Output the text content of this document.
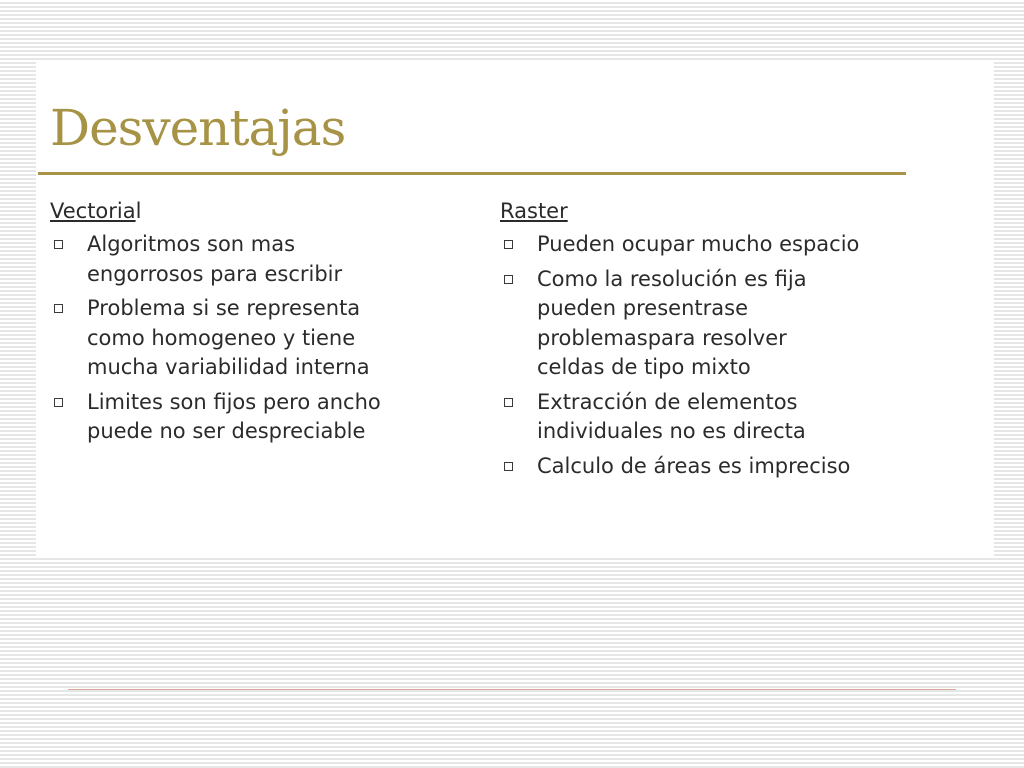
Desventajas
Vectorial
Algoritmos son mas
engorrosos para escribir
Problema si se representa
como homogeneo y tiene
mucha variabilidad interna
Limites son fijos pero ancho
puede no ser despreciable
Raster
Pueden ocupar mucho espacio
Como la resolución es fija
pueden presentrase
problemaspara resolver
celdas de tipo mixto
Extracción de elementos
individuales no es directa
Calculo de áreas es impreciso
